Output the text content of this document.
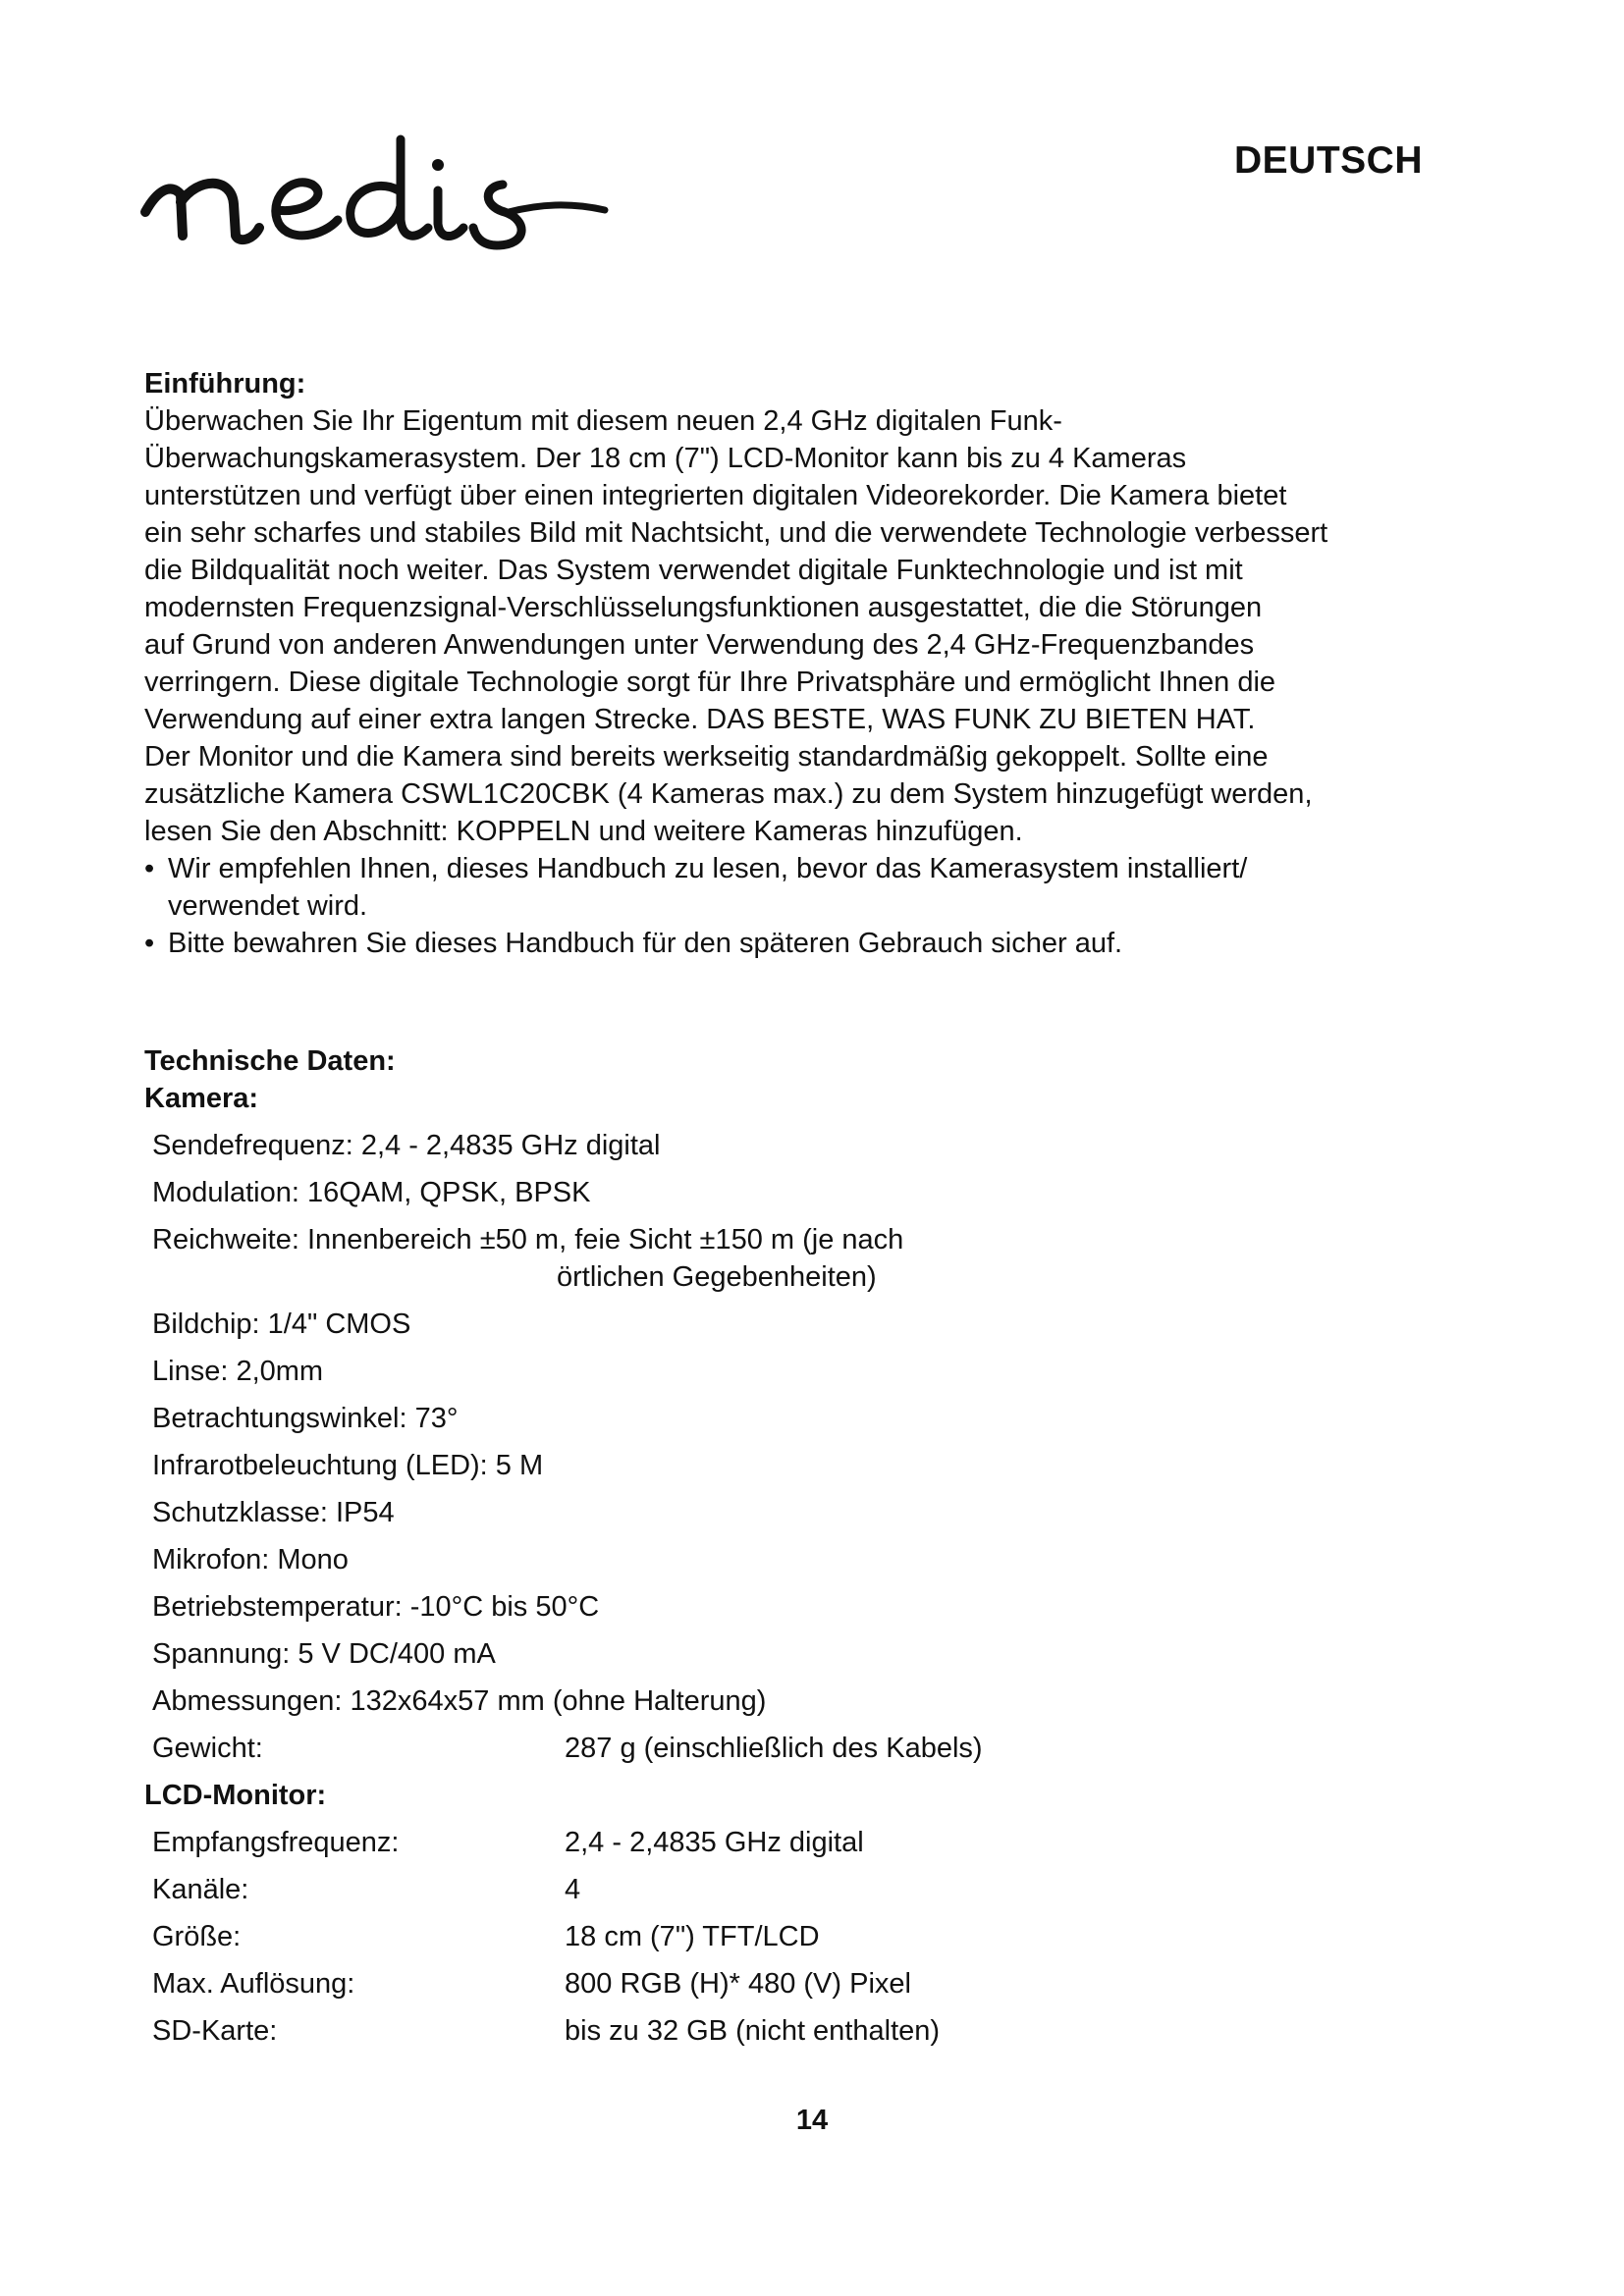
DEUTSCH
Einführung:

Überwachen Sie Ihr Eigentum mit diesem neuen 2,4 GHz digitalen Funk-

Überwachungskamerasystem. Der 18 cm (7") LCD-Monitor kann bis zu 4 Kameras

unterstützen und verfügt über einen integrierten digitalen Videorekorder. Die Kamera bietet

ein sehr scharfes und stabiles Bild mit Nachtsicht, und die verwendete Technologie verbessert

die Bildqualität noch weiter. Das System verwendet digitale Funktechnologie und ist mit

modernsten Frequenzsignal-Verschlüsselungsfunktionen ausgestattet, die die Störungen

auf Grund von anderen Anwendungen unter Verwendung des 2,4 GHz-Frequenzbandes

verringern. Diese digitale Technologie sorgt für Ihre Privatsphäre und ermöglicht Ihnen die

Verwendung auf einer extra langen Strecke. DAS BESTE, WAS FUNK ZU BIETEN HAT.

Der Monitor und die Kamera sind bereits werkseitig standardmäßig gekoppelt. Sollte eine

zusätzliche Kamera CSWL1C20CBK (4 Kameras max.) zu dem System hinzugefügt werden,

lesen Sie den Abschnitt: KOPPELN und weitere Kameras hinzufügen.

• Wir empfehlen Ihnen, dieses Handbuch zu lesen, bevor das Kamerasystem installiert/
verwendet wird.
• Bitte bewahren Sie dieses Handbuch für den späteren Gebrauch sicher auf.
Technische Daten:
Kamera:
Sendefrequenz: 2,4 - 2,4835 GHz digital
Modulation: 16QAM, QPSK, BPSK
Reichweite: Innenbereich ±50 m, feie Sicht ±150 m (je nach
örtlichen Gegebenheiten)
Bildchip: 1/4" CMOS
Linse: 2,0mm
Betrachtungswinkel: 73°
Infrarotbeleuchtung (LED): 5 M
Schutzklasse: IP54
Mikrofon: Mono
Betriebstemperatur: -10°C bis 50°C
Spannung: 5 V DC/400 mA
Abmessungen: 132x64x57 mm (ohne Halterung)
Gewicht:	287 g (einschließlich des Kabels)
LCD-Monitor:
Empfangsfrequenz:	2,4 - 2,4835 GHz digital
Kanäle:	4
Größe:	18 cm (7") TFT/LCD
Max. Auflösung:	800 RGB (H)* 480 (V) Pixel
SD-Karte:	bis zu 32 GB (nicht enthalten)
14
